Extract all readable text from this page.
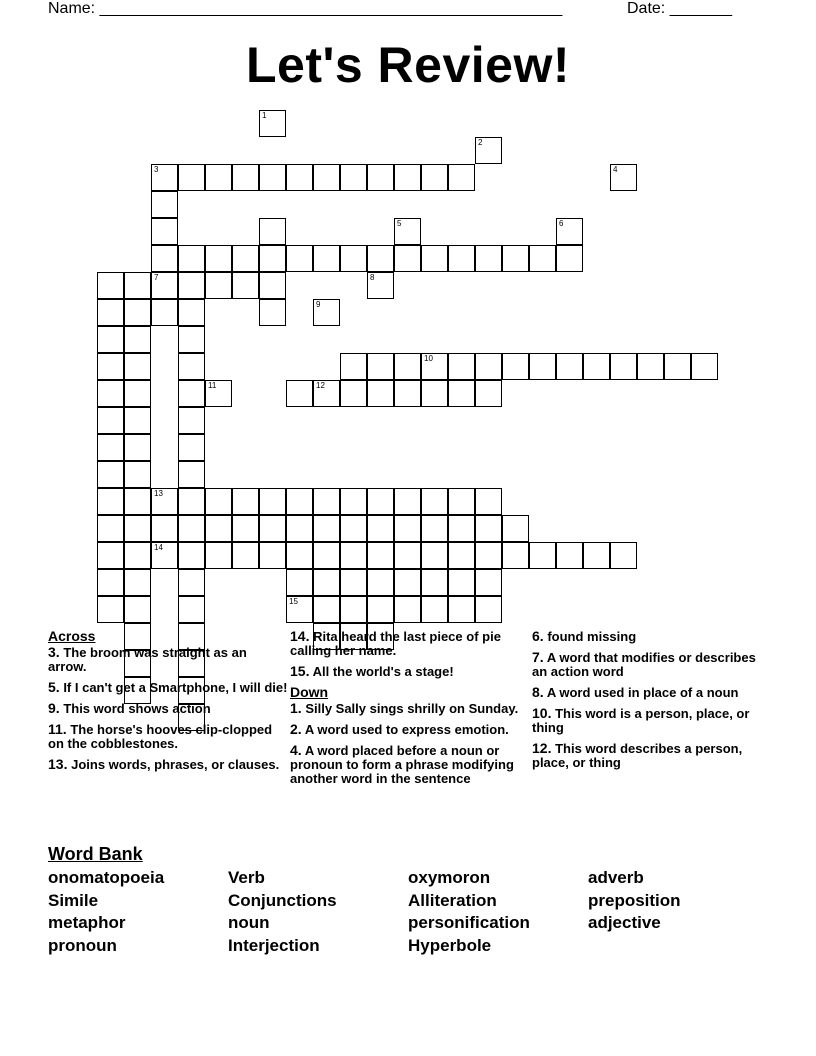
Name: ____________________________________________________	Date: _______
Let's Review!
3
7
12
10
13
14
15
1
2
4
5	6
8
9
11
Across
3. The broom was straight as an arrow.
5. If I can't get a Smartphone, I will die!
9. This word shows action
11. The horse's hooves clip-clopped on the cobblestones.
13. Joins words, phrases, or clauses.
14. Rita heard the last piece of pie calling her name.
15. All the world's a stage!
Down
1. Silly Sally sings shrilly on Sunday.
2. A word used to express emotion.
4. A word placed before a noun or pronoun to form a phrase modifying another word in the sentence
6. found missing
7. A word that modifies or describes an action word
8. A word used in place of a noun
10. This word is a person, place, or thing
12. This word describes a person, place, or thing
Word Bank
onomatopoeia	Verb	oxymoron	adverb
Simile	Conjunctions	Alliteration	preposition
metaphor	noun	personification	adjective
pronoun	Interjection	Hyperbole
